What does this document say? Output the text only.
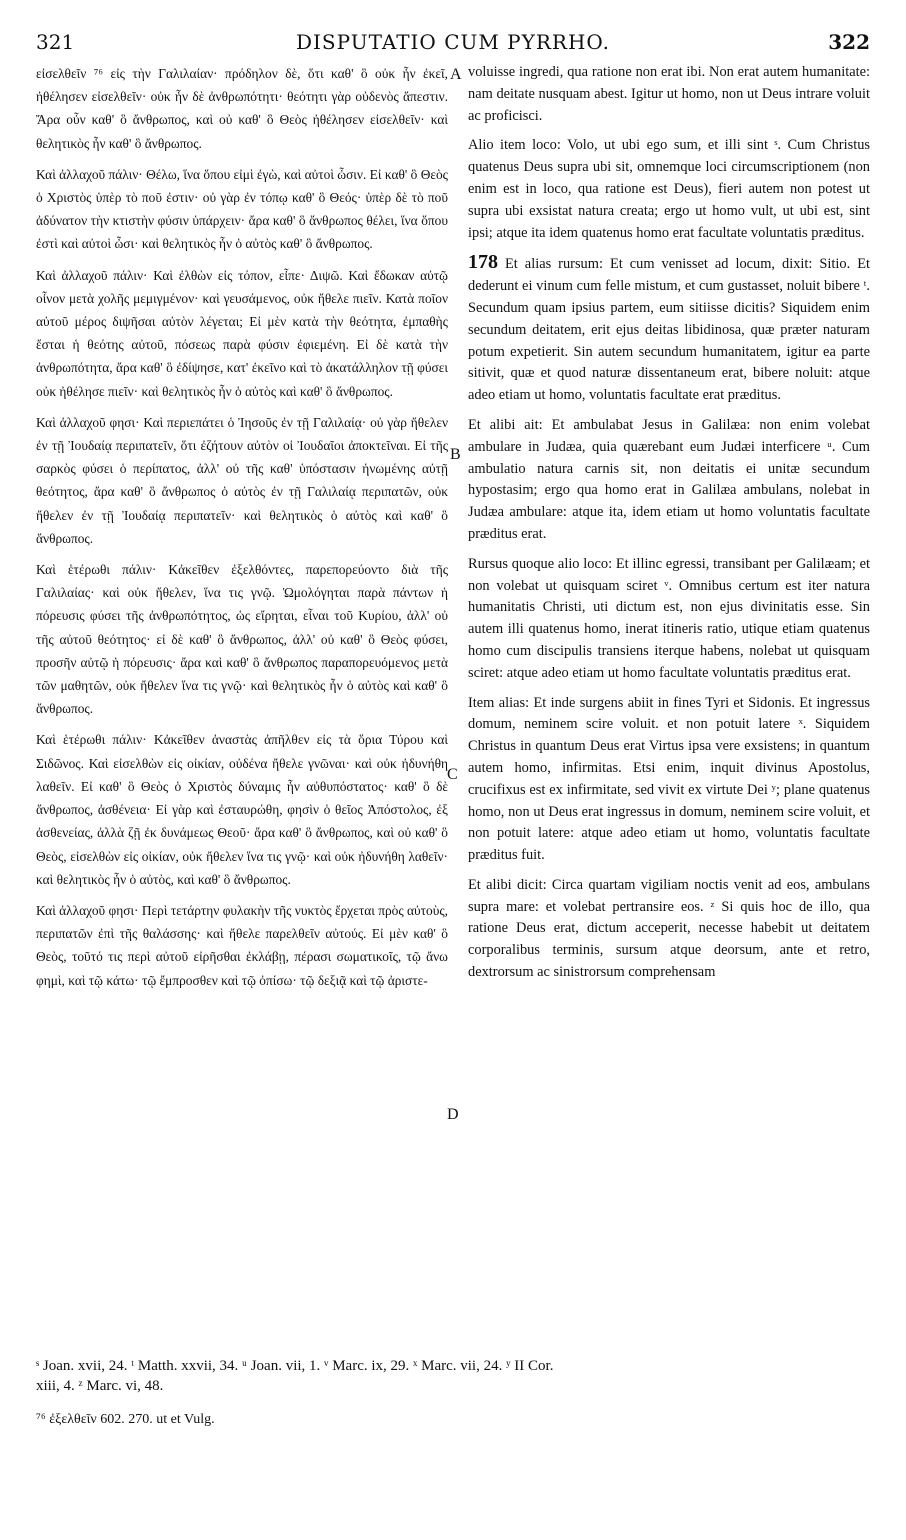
321	DISPUTATIO CUM PYRRHO.	322

εἰσελθεῖν ⁷⁶ εἰς τὴν Γαλιλαίαν· πρόδηλον δὲ, ὅτι καθ' ὃ οὐκ ἦν ἐκεῖ, ἠθέλησεν εἰσελθεῖν· οὐκ ἦν δὲ ἀνθρωπότητι· θεότητι γὰρ οὐδενὸς ἄπεστιν. Ἄρα οὖν καθ' ὃ ἄνθρωπος, καὶ οὐ καθ' ὃ Θεὸς ἠθέλησεν εἰσελθεῖν· καὶ θελητικὸς ἦν καθ' ὃ ἄνθρωπος.

Καὶ ἀλλαχοῦ πάλιν· Θέλω, ἵνα ὅπου εἰμὶ ἐγὼ, καὶ αὐτοὶ ὦσιν. Εἰ καθ' ὃ Θεὸς ὁ Χριστὸς ὑπὲρ τὸ ποῦ ἐστιν· οὐ γὰρ ἐν τόπῳ καθ' ὃ Θεός· ὑπὲρ δὲ τὸ ποῦ ἀδύνατον τὴν κτιστὴν φύσιν ὑπάρχειν· ἄρα καθ' ὃ ἄνθρωπος θέλει, ἵνα ὅπου ἐστὶ καὶ αὐτοὶ ὦσι· καὶ θελητικὸς ἦν ὁ αὐτὸς καθ' ὃ ἄνθρωπος.

Καὶ ἀλλαχοῦ πάλιν· Καὶ ἐλθὼν εἰς τόπον, εἶπε· Διψῶ. Καὶ ἔδωκαν αὐτῷ οἶνον μετὰ χολῆς μεμιγμένον· καὶ γευσάμενος, οὐκ ἤθελε πιεῖν. Κατὰ ποῖον αὐτοῦ μέρος διψῆσαι αὐτὸν λέγεται; Εἰ μὲν κατὰ τὴν θεότητα, ἐμπαθὴς ἔσται ἡ θεότης αὐτοῦ, πόσεως παρὰ φύσιν ἐφιεμένη. Εἰ δὲ κατὰ τὴν ἀνθρωπότητα, ἄρα καθ' ὃ ἐδίψησε, κατ' ἐκεῖνο καὶ τὸ ἀκατάλληλον τῇ φύσει οὐκ ἠθέλησε πιεῖν· καὶ θελητικὸς ἦν ὁ αὐτὸς καὶ καθ' ὃ ἄνθρωπος.

Καὶ ἀλλαχοῦ φησι· Καὶ περιεπάτει ὁ Ἰησοῦς ἐν τῇ Γαλιλαίᾳ· οὐ γὰρ ἤθελεν ἐν τῇ Ἰουδαίᾳ περιπατεῖν, ὅτι ἐζήτουν αὐτὸν οἱ Ἰουδαῖοι ἀποκτεῖναι. Εἰ τῆς σαρκὸς φύσει ὁ περίπατος, ἀλλ' οὐ τῆς καθ' ὑπόστασιν ἡνωμένης αὐτῇ θεότητος, ἄρα καθ' ὃ ἄνθρωπος ὁ αὐτὸς ἐν τῇ Γαλιλαίᾳ περιπατῶν, οὐκ ἤθελεν ἐν τῇ Ἰουδαίᾳ περιπατεῖν· καὶ θελητικὸς ὁ αὐτὸς καὶ καθ' ὃ ἄνθρωπος.

Καὶ ἑτέρωθι πάλιν· Κἀκεῖθεν ἐξελθόντες, παρεπορεύοντο διὰ τῆς Γαλιλαίας· καὶ οὐκ ἤθελεν, ἵνα τις γνῷ. Ὡμολόγηται παρὰ πάντων ἡ πόρευσις φύσει τῆς ἀνθρωπότητος, ὡς εἴρηται, εἶναι τοῦ Κυρίου, ἀλλ' οὐ τῆς αὐτοῦ θεότητος· εἰ δὲ καθ' ὃ ἄνθρωπος, ἀλλ' οὐ καθ' ὃ Θεὸς φύσει, προσῆν αὐτῷ ἡ πόρευσις· ἄρα καὶ καθ' ὃ ἄνθρωπος παραπορευόμενος μετὰ τῶν μαθητῶν, οὐκ ἤθελεν ἵνα τις γνῷ· καὶ θελητικὸς ἦν ὁ αὐτὸς καὶ καθ' ὃ ἄνθρωπος.

Καὶ ἑτέρωθι πάλιν· Κἀκεῖθεν ἀναστὰς ἀπῆλθεν εἰς τὰ ὅρια Τύρου καὶ Σιδῶνος. Καὶ εἰσελθὼν εἰς οἰκίαν, οὐδένα ἤθελε γνῶναι· καὶ οὐκ ἠδυνήθη λαθεῖν. Εἰ καθ' ὃ Θεὸς ὁ Χριστὸς δύναμις ἦν αὐθυπόστατος· καθ' ὃ δὲ ἄνθρωπος, ἀσθένεια· Εἰ γὰρ καὶ ἐσταυρώθη, φησὶν ὁ θεῖος Ἀπόστολος, ἐξ ἀσθενείας, ἀλλὰ ζῇ ἐκ δυνάμεως Θεοῦ· ἄρα καθ' ὃ ἄνθρωπος, καὶ οὐ καθ' ὃ Θεὸς, εἰσελθὼν εἰς οἰκίαν, οὐκ ἤθελεν ἵνα τις γνῷ· καὶ οὐκ ἠδυνήθη λαθεῖν· καὶ θελητικὸς ἦν ὁ αὐτὸς, καὶ καθ' ὃ ἄνθρωπος.

Καὶ ἀλλαχοῦ φησι· Περὶ τετάρτην φυλακὴν τῆς νυκτὸς ἔρχεται πρὸς αὐτοὺς, περιπατῶν ἐπὶ τῆς θαλάσσης· καὶ ἤθελε παρελθεῖν αὐτούς. Εἰ μὲν καθ' ὃ Θεὸς, τοῦτό τις περὶ αὐτοῦ εἰρῆσθαι ἐκλάβῃ, πέρασι σωματικοῖς, τῷ ἄνω φημὶ, καὶ τῷ κάτω· τῷ ἔμπροσθεν καὶ τῷ ὀπίσω· τῷ δεξιᾷ καὶ τῷ ἀριστε-

A
B
C
D

voluisse ingredi, qua ratione non erat ibi. Non erat autem humanitate: nam deitate nusquam abest. Igitur ut homo, non ut Deus intrare voluit ac proficisci.

Alio item loco: Volo, ut ubi ego sum, et illi sint ˢ. Cum Christus quatenus Deus supra ubi sit, omnemque loci circumscriptionem (non enim est in loco, qua ratione est Deus), fieri autem non potest ut supra ubi exsistat natura creata; ergo ut homo vult, ut ubi est, sint ipsi; atque ita idem quatenus homo erat facultate voluntatis præditus.

178 Et alias rursum: Et cum venisset ad locum, dixit: Sitio. Et dederunt ei vinum cum felle mistum, et cum gustasset, noluit bibere ᵗ. Secundum quam ipsius partem, eum sitiisse dicitis? Siquidem enim secundum deitatem, erit ejus deitas libidinosa, quæ præter naturam potum expetierit. Sin autem secundum humanitatem, igitur ea parte sitivit, quæ et quod naturæ dissentaneum erat, bibere noluit: atque adeo etiam ut homo, voluntatis facultate erat præditus.

Et alibi ait: Et ambulabat Jesus in Galilæa: non enim volebat ambulare in Judæa, quia quærebant eum Judæi interficere ᵘ. Cum ambulatio natura carnis sit, non deitatis ei unitæ secundum hypostasim; ergo qua homo erat in Galilæa ambulans, nolebat in Judæa ambulare: atque ita, idem etiam ut homo voluntatis facultate præditus erat.

Rursus quoque alio loco: Et illinc egressi, transibant per Galilæam; et non volebat ut quisquam sciret ᵛ. Omnibus certum est iter natura humanitatis Christi, uti dictum est, non ejus divinitatis esse. Sin autem illi quatenus homo, inerat itineris ratio, utique etiam quatenus homo cum discipulis transiens iterque habens, nolebat ut quisquam sciret: atque adeo etiam ut homo facultate voluntatis præditus erat.

Item alias: Et inde surgens abiit in fines Tyri et Sidonis. Et ingressus domum, neminem scire voluit. et non potuit latere ˣ. Siquidem Christus in quantum Deus erat Virtus ipsa vere exsistens; in quantum autem homo, infirmitas. Etsi enim, inquit divinus Apostolus, crucifixus est ex infirmitate, sed vivit ex virtute Dei ʸ; plane quatenus homo, non ut Deus erat ingressus in domum, neminem scire voluit, et non potuit latere: atque adeo etiam ut homo, voluntatis facultate præditus fuit.

Et alibi dicit: Circa quartam vigiliam noctis venit ad eos, ambulans supra mare: et volebat pertransire eos. ᶻ Si quis hoc de illo, qua ratione Deus erat, dictum acceperit, necesse habebit ut deitatem corporalibus terminis, sursum atque deorsum, ante et retro, dextrorsum ac sinistrorsum comprehensam

ˢ Joan. xvii, 24. ᵗ Matth. xxvii, 34. ᵘ Joan. vii, 1. ᵛ Marc. ix, 29. ˣ Marc. vii, 24. ʸ II Cor.

xiii, 4. ᶻ Marc. vi, 48.

⁷⁶ ἐξελθεῖν 602. 270. ut et Vulg.
